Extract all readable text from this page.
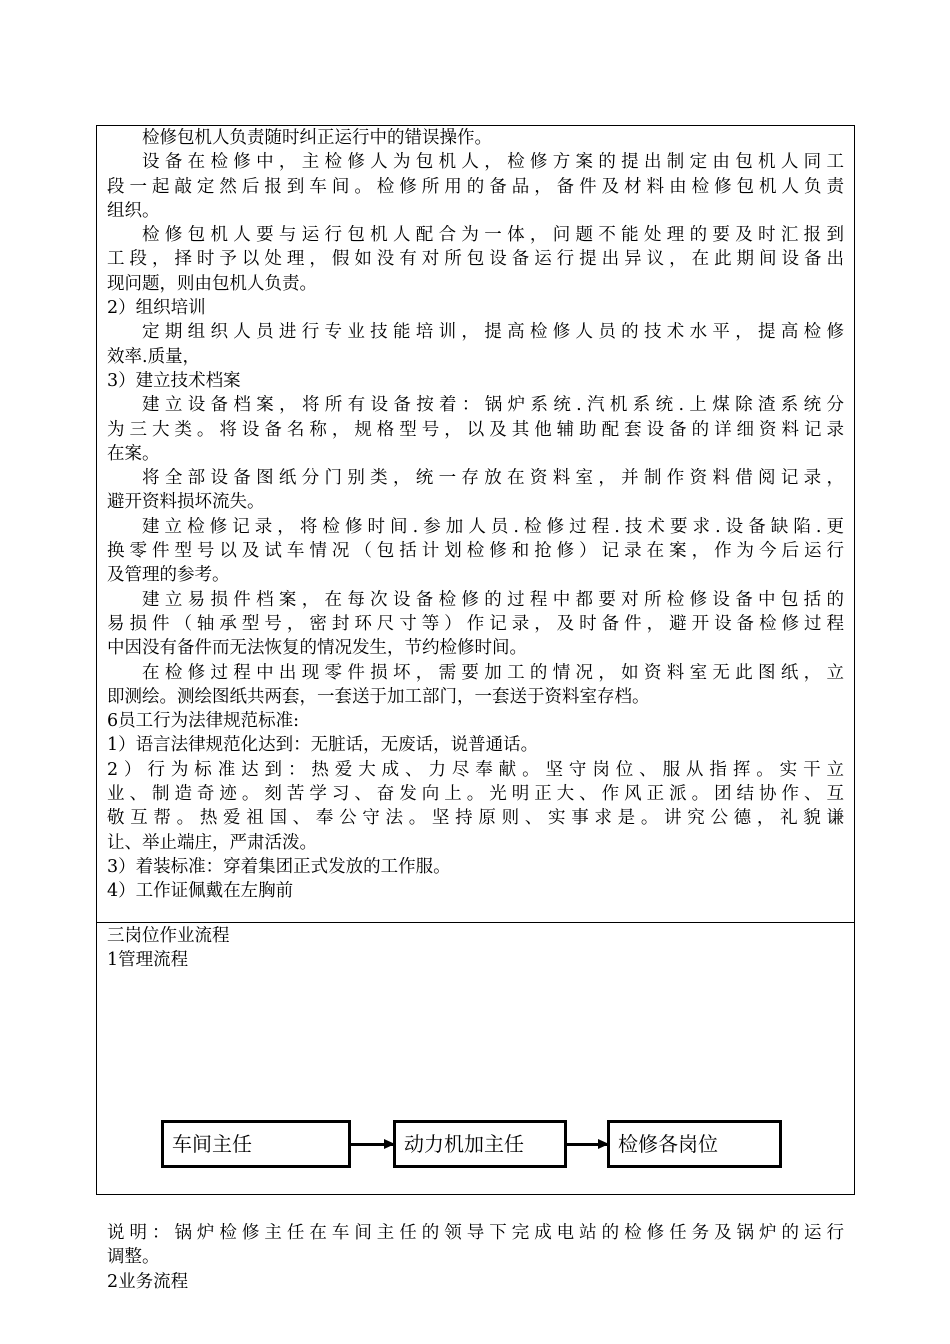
检修包机人负责随时纠正运行中的错误操作。
设备在检修中，主检修人为包机人，检修方案的提出制定由包机人同工
段一起敲定然后报到车间。检修所用的备品，备件及材料由检修包机人负责
组织。
检修包机人要与运行包机人配合为一体，问题不能处理的要及时汇报到
工段，择时予以处理，假如没有对所包设备运行提出异议，在此期间设备出
现问题，则由包机人负责。
2）组织培训
定期组织人员进行专业技能培训，提高检修人员的技术水平，提高检修
效率.质量，
3）建立技术档案
建立设备档案，将所有设备按着：锅炉系统.汽机系统.上煤除渣系统分
为三大类。将设备名称，规格型号，以及其他辅助配套设备的详细资料记录
在案。
将全部设备图纸分门别类，统一存放在资料室，并制作资料借阅记录，
避开资料损坏流失。
建立检修记录，将检修时间.参加人员.检修过程.技术要求.设备缺陷.更
换零件型号以及试车情况（包括计划检修和抢修）记录在案，作为今后运行
及管理的参考。
建立易损件档案，在每次设备检修的过程中都要对所检修设备中包括的
易损件（轴承型号，密封环尺寸等）作记录，及时备件，避开设备检修过程
中因没有备件而无法恢复的情况发生，节约检修时间。
在检修过程中出现零件损坏，需要加工的情况，如资料室无此图纸，立
即测绘。测绘图纸共两套，一套送于加工部门，一套送于资料室存档。
6员工行为法律规范标准:
1）语言法律规范化达到：无脏话，无废话，说普通话。
2）行为标准达到：热爱大成、力尽奉献。坚守岗位、服从指挥。实干立
业、制造奇迹。刻苦学习、奋发向上。光明正大、作风正派。团结协作、互
敬互帮。热爱祖国、奉公守法。坚持原则、实事求是。讲究公德，礼貌谦
让、举止端庄，严肃活泼。
3）着装标准：穿着集团正式发放的工作服。
4）工作证佩戴在左胸前
三岗位作业流程
1管理流程
车间主任	动力机加主任	检修各岗位
说明：锅炉检修主任在车间主任的领导下完成电站的检修任务及锅炉的运行
调整。
2业务流程
